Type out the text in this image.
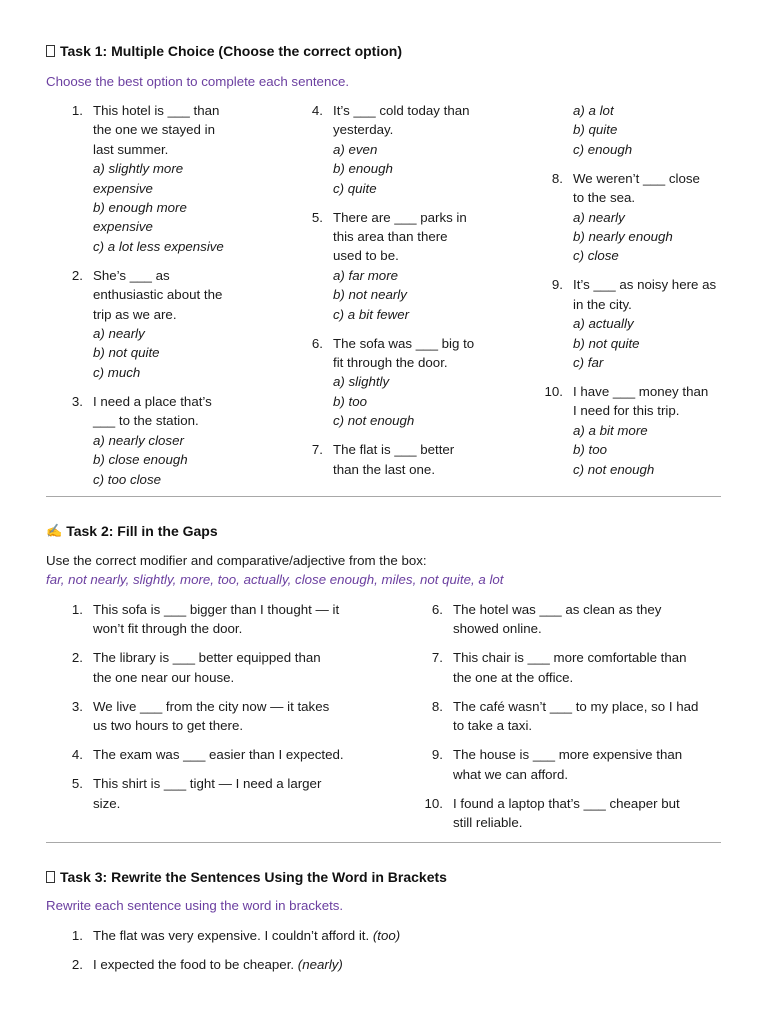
Task 1: Multiple Choice (Choose the correct option)
Choose the best option to complete each sentence.
1. This hotel is ___ than
the one we stayed in
last summer.
a) slightly more
expensive
b) enough more
expensive
c) a lot less expensive
2. She’s ___ as
enthusiastic about the
trip as we are.
a) nearly
b) not quite
c) much
3. I need a place that’s
___ to the station.
a) nearly closer
b) close enough
c) too close
4. It’s ___ cold today than
yesterday.
a) even
b) enough
c) quite
5. There are ___ parks in
this area than there
used to be.
a) far more
b) not nearly
c) a bit fewer
6. The sofa was ___ big to
fit through the door.
a) slightly
b) too
c) not enough
7. The flat is ___ better
than the last one.
a) a lot
b) quite
c) enough
8. We weren’t ___ close
to the sea.
a) nearly
b) nearly enough
c) close
9. It’s ___ as noisy here as
in the city.
a) actually
b) not quite
c) far
10. I have ___ money than
I need for this trip.
a) a bit more
b) too
c) not enough
✍ Task 2: Fill in the Gaps
Use the correct modifier and comparative/adjective from the box:
far, not nearly, slightly, more, too, actually, close enough, miles, not quite, a lot
1. This sofa is ___ bigger than I thought — it
won’t fit through the door.
2. The library is ___ better equipped than
the one near our house.
3. We live ___ from the city now — it takes
us two hours to get there.
4. The exam was ___ easier than I expected.
5. This shirt is ___ tight — I need a larger
size.
6. The hotel was ___ as clean as they
showed online.
7. This chair is ___ more comfortable than
the one at the office.
8. The café wasn’t ___ to my place, so I had
to take a taxi.
9. The house is ___ more expensive than
what we can afford.
10. I found a laptop that’s ___ cheaper but
still reliable.
Task 3: Rewrite the Sentences Using the Word in Brackets
Rewrite each sentence using the word in brackets.
1. The flat was very expensive. I couldn’t afford it. (too)
2. I expected the food to be cheaper. (nearly)
